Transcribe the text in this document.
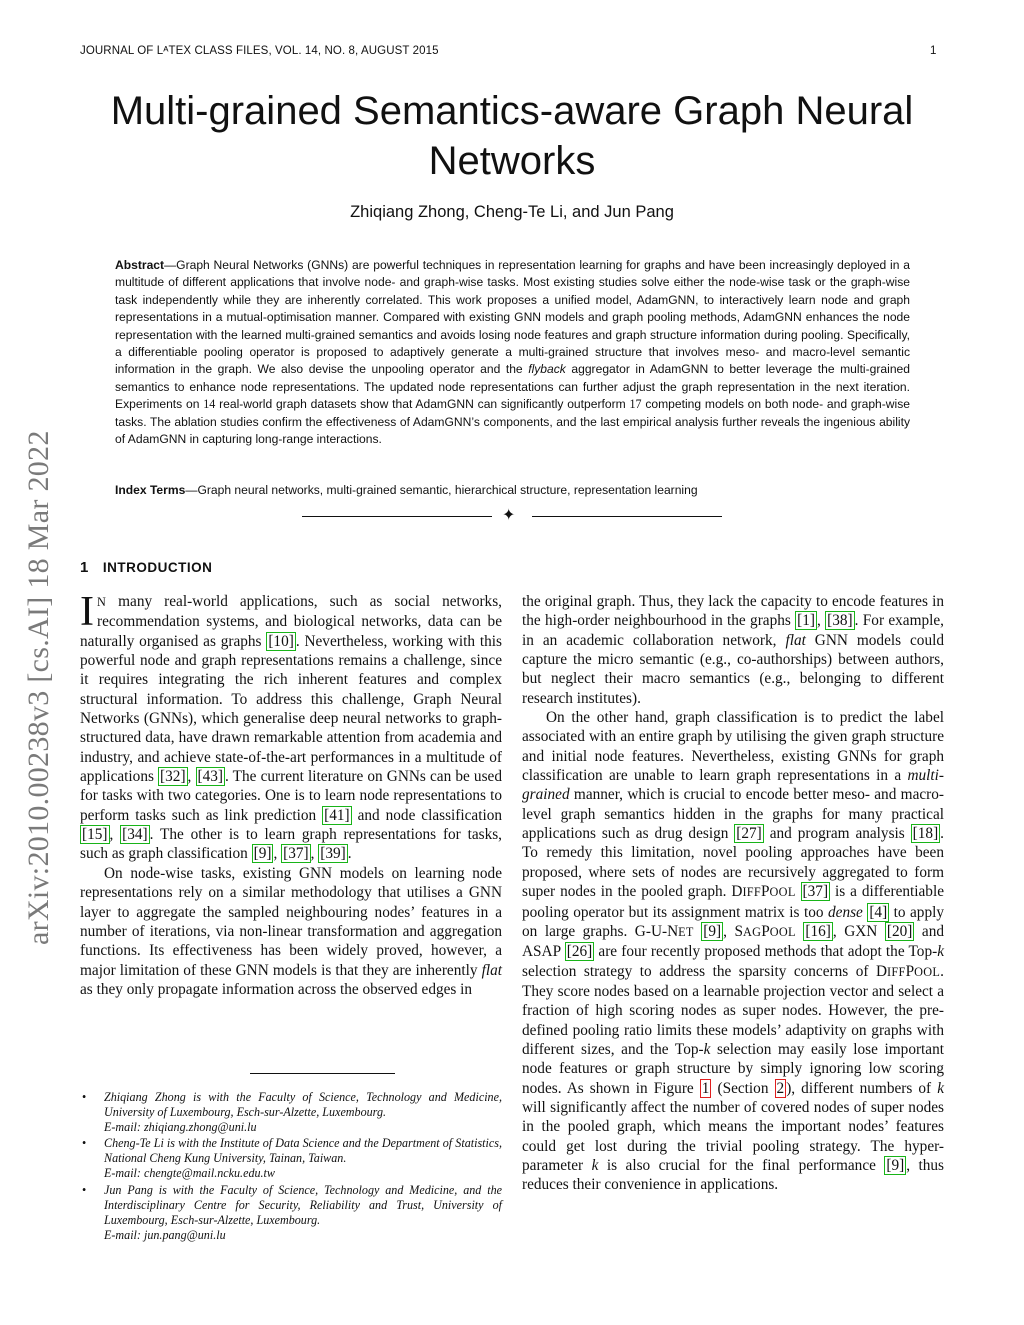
JOURNAL OF LᴬTEX CLASS FILES, VOL. 14, NO. 8, AUGUST 2015	1
arXiv:2010.00238v3 [cs.AI] 18 Mar 2022
Multi-grained Semantics-aware Graph Neural Networks
Zhiqiang Zhong, Cheng-Te Li, and Jun Pang

Abstract—Graph Neural Networks (GNNs) are powerful techniques in representation learning for graphs and have been increasingly deployed in a multitude of different applications that involve node- and graph-wise tasks. Most existing studies solve either the node-wise task or the graph-wise task independently while they are inherently correlated. This work proposes a unified model, AdamGNN, to interactively learn node and graph representations in a mutual-optimisation manner. Compared with existing GNN models and graph pooling methods, AdamGNN enhances the node representation with the learned multi-grained semantics and avoids losing node features and graph structure information during pooling. Specifically, a differentiable pooling operator is proposed to adaptively generate a multi-grained structure that involves meso- and macro-level semantic information in the graph. We also devise the unpooling operator and the flyback aggregator in AdamGNN to better leverage the multi-grained semantics to enhance node representations. The updated node representations can further adjust the graph representation in the next iteration. Experiments on 14 real-world graph datasets show that AdamGNN can significantly outperform 17 competing models on both node- and graph-wise tasks. The ablation studies confirm the effectiveness of AdamGNN’s components, and the last empirical analysis further reveals the ingenious ability of AdamGNN in capturing long-range interactions.

Index Terms—Graph neural networks, multi-grained semantic, hierarchical structure, representation learning

✦
1 INTRODUCTION

I N many real-world applications, such as social networks, recommendation systems, and biological networks, data can be naturally organised as graphs [10] . Nevertheless, working with this powerful node and graph representations remains a challenge, since it requires integrating the rich inherent features and complex structural information. To address this challenge, Graph Neural Networks (GNNs), which generalise deep neural networks to graph-structured data, have drawn remarkable attention from academia and industry, and achieve state-of-the-art performances in a multitude of applications [32] , [43] . The current literature on GNNs can be used for tasks with two categories. One is to learn node representations to perform tasks such as link prediction [41] and node classification [15] , [34] . The other is to learn graph representations for tasks, such as graph classification [9] , [37] , [39] .

On node-wise tasks, existing GNN models on learning node representations rely on a similar methodology that utilises a GNN layer to aggregate the sampled neighbouring nodes’ features in a number of iterations, via non-linear transformation and aggregation functions. Its effectiveness has been widely proved, however, a major limitation of these GNN models is that they are inherently flat as they only propagate information across the observed edges in

the original graph. Thus, they lack the capacity to encode features in the high-order neighbourhood in the graphs [1] , [38] . For example, in an academic collaboration network, flat GNN models could capture the micro semantic (e.g., co-authorships) between authors, but neglect their macro semantics (e.g., belonging to different research institutes).

On the other hand, graph classification is to predict the label associated with an entire graph by utilising the given graph structure and initial node features. Nevertheless, existing GNNs for graph classification are unable to learn graph representations in a multi-grained manner, which is crucial to encode better meso- and macro-level graph semantics hidden in the graphs for many practical applications such as drug design [27] and program analysis [18] . To remedy this limitation, novel pooling approaches have been proposed, where sets of nodes are recursively aggregated to form super nodes in the pooled graph. DIFFPOOL [37] is a differentiable pooling operator but its assignment matrix is too dense [4] to apply on large graphs. G-U-NET [9] , SAGPOOL [16] , GXN [20] and ASAP [26] are four recently proposed methods that adopt the Top-k selection strategy to address the sparsity concerns of DIFFPOOL. They score nodes based on a learnable projection vector and select a fraction of high scoring nodes as super nodes. However, the pre-defined pooling ratio limits these models’ adaptivity on graphs with different sizes, and the Top-k selection may easily lose important node features or graph structure by simply ignoring low scoring nodes. As shown in Figure 1 (Section 2 ), different numbers of k will significantly affect the number of covered nodes of super nodes in the pooled graph, which means the important nodes’ features could get lost during the trivial pooling strategy. The hyper-parameter k is also crucial for the final performance [9] , thus reduces their convenience in applications.

• Zhiqiang Zhong is with the Faculty of Science, Technology and Medicine, University of Luxembourg, Esch-sur-Alzette, Luxembourg.
E-mail: zhiqiang.zhong@uni.lu
• Cheng-Te Li is with the Institute of Data Science and the Department of Statistics, National Cheng Kung University, Tainan, Taiwan.
E-mail: chengte@mail.ncku.edu.tw
• Jun Pang is with the Faculty of Science, Technology and Medicine, and the Interdisciplinary Centre for Security, Reliability and Trust, University of Luxembourg, Esch-sur-Alzette, Luxembourg.
E-mail: jun.pang@uni.lu
